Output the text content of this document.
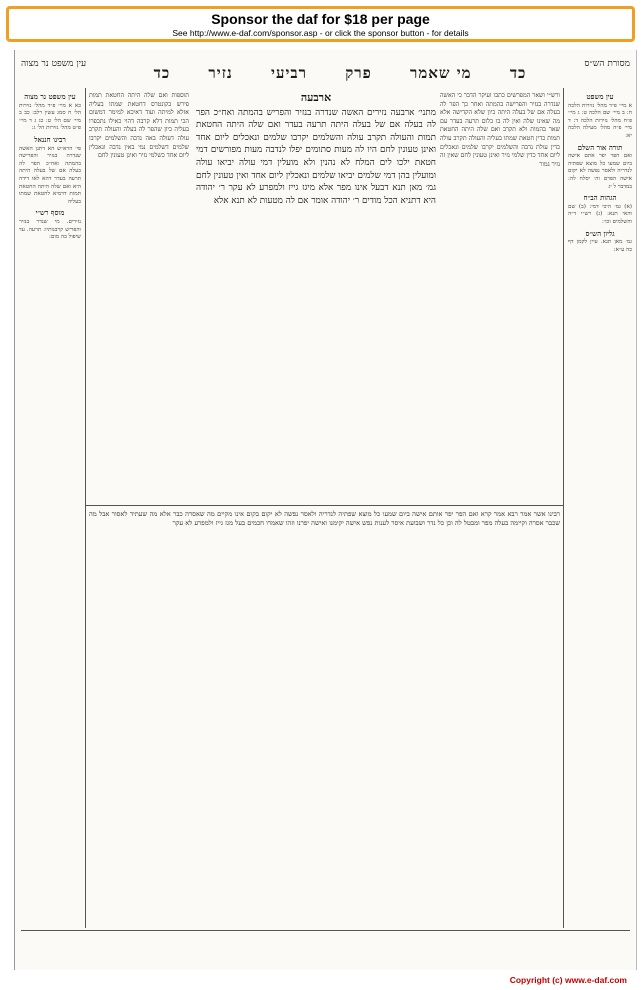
Sponsor the daf for $18 per page
See http://www.e-daf.com/sponsor.asp - or click the sponsor button - for details
מסורת הש״ס
עין משפט נר מצוה	כד מי שאמר פרק רביעי נזיר כד
עין משפט
א מיי׳ פ״ד מהל׳ נזירות הלכה ח: ב מיי׳ שם הלכה ט: ג מיי׳ פ״ח מהל׳ נזירות הלכה ד: ד מיי׳ פ״ה מהל׳ מעילה הלכה יא:
תורה אור השלם
ואם הפר יפר אתם אישה ביום שמעו כל מוצא שפתיה לנדריה ולאסר נפשה לא יקום אישה הפרם וה׳ יסלח לה: במדבר ל יג
הגהות הב״ח
(א) גמ׳ היכי דמי: (ב) שם והאי תנא: (ג) רש״י ד״ה והשלמים וכו׳:
גליון הש״ס
גמ׳ מאן תנא. עיין לקמן דף כה ע״א:
עין משפט נר מצוה
כא א מיי׳ פ״ד מהל׳ נזירות הל׳ ח סמג עשין רלב: כב ב מיי׳ שם הל׳ ט: כג ג ד מיי׳ פ״ט מהל׳ נזירות הל׳ ג:
רבינו חננאל
פי׳ הרא״ש הא דתנן האשה שנדרה בנזיר והפרישה בהמתה ואח״כ הפר לה בעלה אם של בעלה היתה תרעה בעדר דהא לאו דידה היא ואם שלה היתה החטאת תמות דדמיא לחטאת שמתו בעליה
מוסף רש״י
נזירים. מי שנדר בנזיר והפריש קרבנותיו: תרעה. עד שיפול בה מום:
ורש״י ושאר המפרשים כתבו ועיקר הדבר כי האשה שנדרה בנזיר והפרישה בהמתה ואחר כך הפר לה בעלה אם של בעלה היתה כיון שלא הקדישה אלא מה שאינו שלה ואין לה בו כלום תרעה בעדר עם שאר בהמות ולא תקרב ואם שלה היתה החטאת תמות כדין חטאת שמתו בעליה והעולה תקרב עולה כדין עולת נדבה והשלמים יקרבו שלמים ונאכלים ליום אחד כדין שלמי נזיר ואינן טעונין לחם שאין זה נזיר גמור
ארבעה
מתני׳ ארבעה נזירים האשה שנדרה בנזיר והפריש בהמתה ואח״כ הפר לה בעלה אם של בעלה היתה תרעה בעדר ואם שלה היתה החטאת תמות והעולה תקרב עולה והשלמים יקרבו שלמים ונאכלים ליום אחד ואינן טעונין לחם היו לה מעות סתומים יפלו לנדבה מעות מפורשים דמי חטאת ילכו לים המלח לא נהנין ולא מועלין דמי עולה יביאו עולה ומועלין בהן דמי שלמים יביאו שלמים ונאכלין ליום אחד ואין טעונין לחם גמ׳ מאן תנא דבעל אינו מפר אלא מיגז גייז ולמפרע לא עקר ר׳ יהודה היא דתניא הכל מודים ר׳ יהודה אומר אם לה מטעות לא תנא אלא
תוספות ואם שלה היתה החטאת תמות פירש בקונטרס דחטאת שמתו בעליה אזלא למיתה ועוד דאיכא למימר דמשום הכי תמות דלא קרבה דהוי כאילו נתכפרו בעליה כיון שהפר לה בעלה והעולה תקרב עולה דעולה באה נדבה והשלמים יקרבו שלמים דשלמים נמי באין נדבה ונאכלין ליום אחד כשלמי נזיר ואינן טעונין לחם
רבינו אשר אמר רבא אמר קרא ואם הפר יפר אותם אישה ביום שמעו כל מוצא שפתיה לנדריה ולאסר נפשה לא יקום בקום אינו מקיים מה שאסרה כבר אלא מה שעתיד לאסור אבל מה שכבר אסרה וקיימה בעלה מפר ומבטל לה וכן כל נדר ושבועת איסר לענות נפש אישה יקימנו ואישה יפרנו וזהו שאמרו חכמים בעל מגז גייז ולמפרע לא עקר
Copyright (c) www.e-daf.com
